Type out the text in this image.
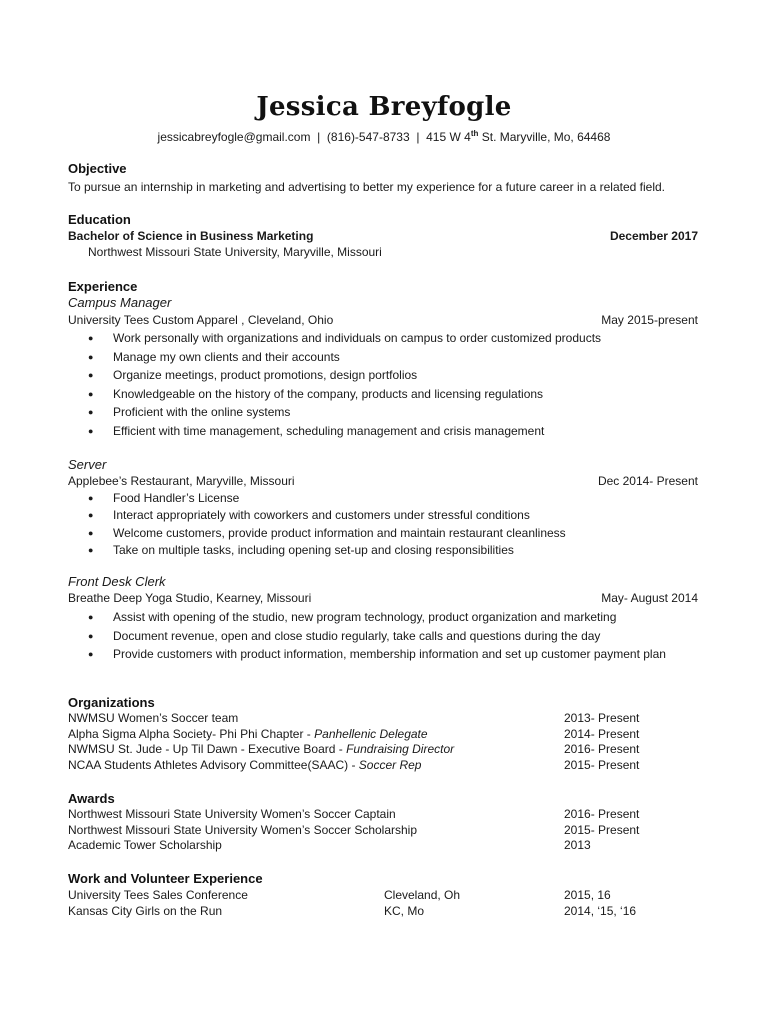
Jessica Breyfogle
jessicabreyfogle@gmail.com | (816)-547-8733 | 415 W 4th St. Maryville, Mo, 64468
Objective
To pursue an internship in marketing and advertising to better my experience for a future career in a related field.
Education
Bachelor of Science in Business Marketing	December 2017
Northwest Missouri State University, Maryville, Missouri
Experience
Campus Manager
University Tees Custom Apparel , Cleveland, Ohio	May 2015-present
● Work personally with organizations and individuals on campus to order customized products
● Manage my own clients and their accounts
● Organize meetings, product promotions, design portfolios
● Knowledgeable on the history of the company, products and licensing regulations
● Proficient with the online systems
● Efficient with time management, scheduling management and crisis management
Server
Applebee’s Restaurant, Maryville, Missouri	Dec 2014- Present
● Food Handler’s License
● Interact appropriately with coworkers and customers under stressful conditions
● Welcome customers, provide product information and maintain restaurant cleanliness
● Take on multiple tasks, including opening set-up and closing responsibilities
Front Desk Clerk
Breathe Deep Yoga Studio, Kearney, Missouri	May- August 2014
● Assist with opening of the studio, new program technology, product organization and marketing
● Document revenue, open and close studio regularly, take calls and questions during the day
● Provide customers with product information, membership information and set up customer payment plan
Organizations
NWMSU Women’s Soccer team	2013- Present
Alpha Sigma Alpha Society- Phi Phi Chapter - Panhellenic Delegate	2014- Present
NWMSU St. Jude - Up Til Dawn - Executive Board - Fundraising Director	2016- Present
NCAA Students Athletes Advisory Committee(SAAC) - Soccer Rep	2015- Present
Awards
Northwest Missouri State University Women’s Soccer Captain	2016- Present
Northwest Missouri State University Women’s Soccer Scholarship	2015- Present
Academic Tower Scholarship	2013
Work and Volunteer Experience
University Tees Sales Conference	Cleveland, Oh	2015, 16
Kansas City Girls on the Run	KC, Mo	2014, ‘15, ‘16
